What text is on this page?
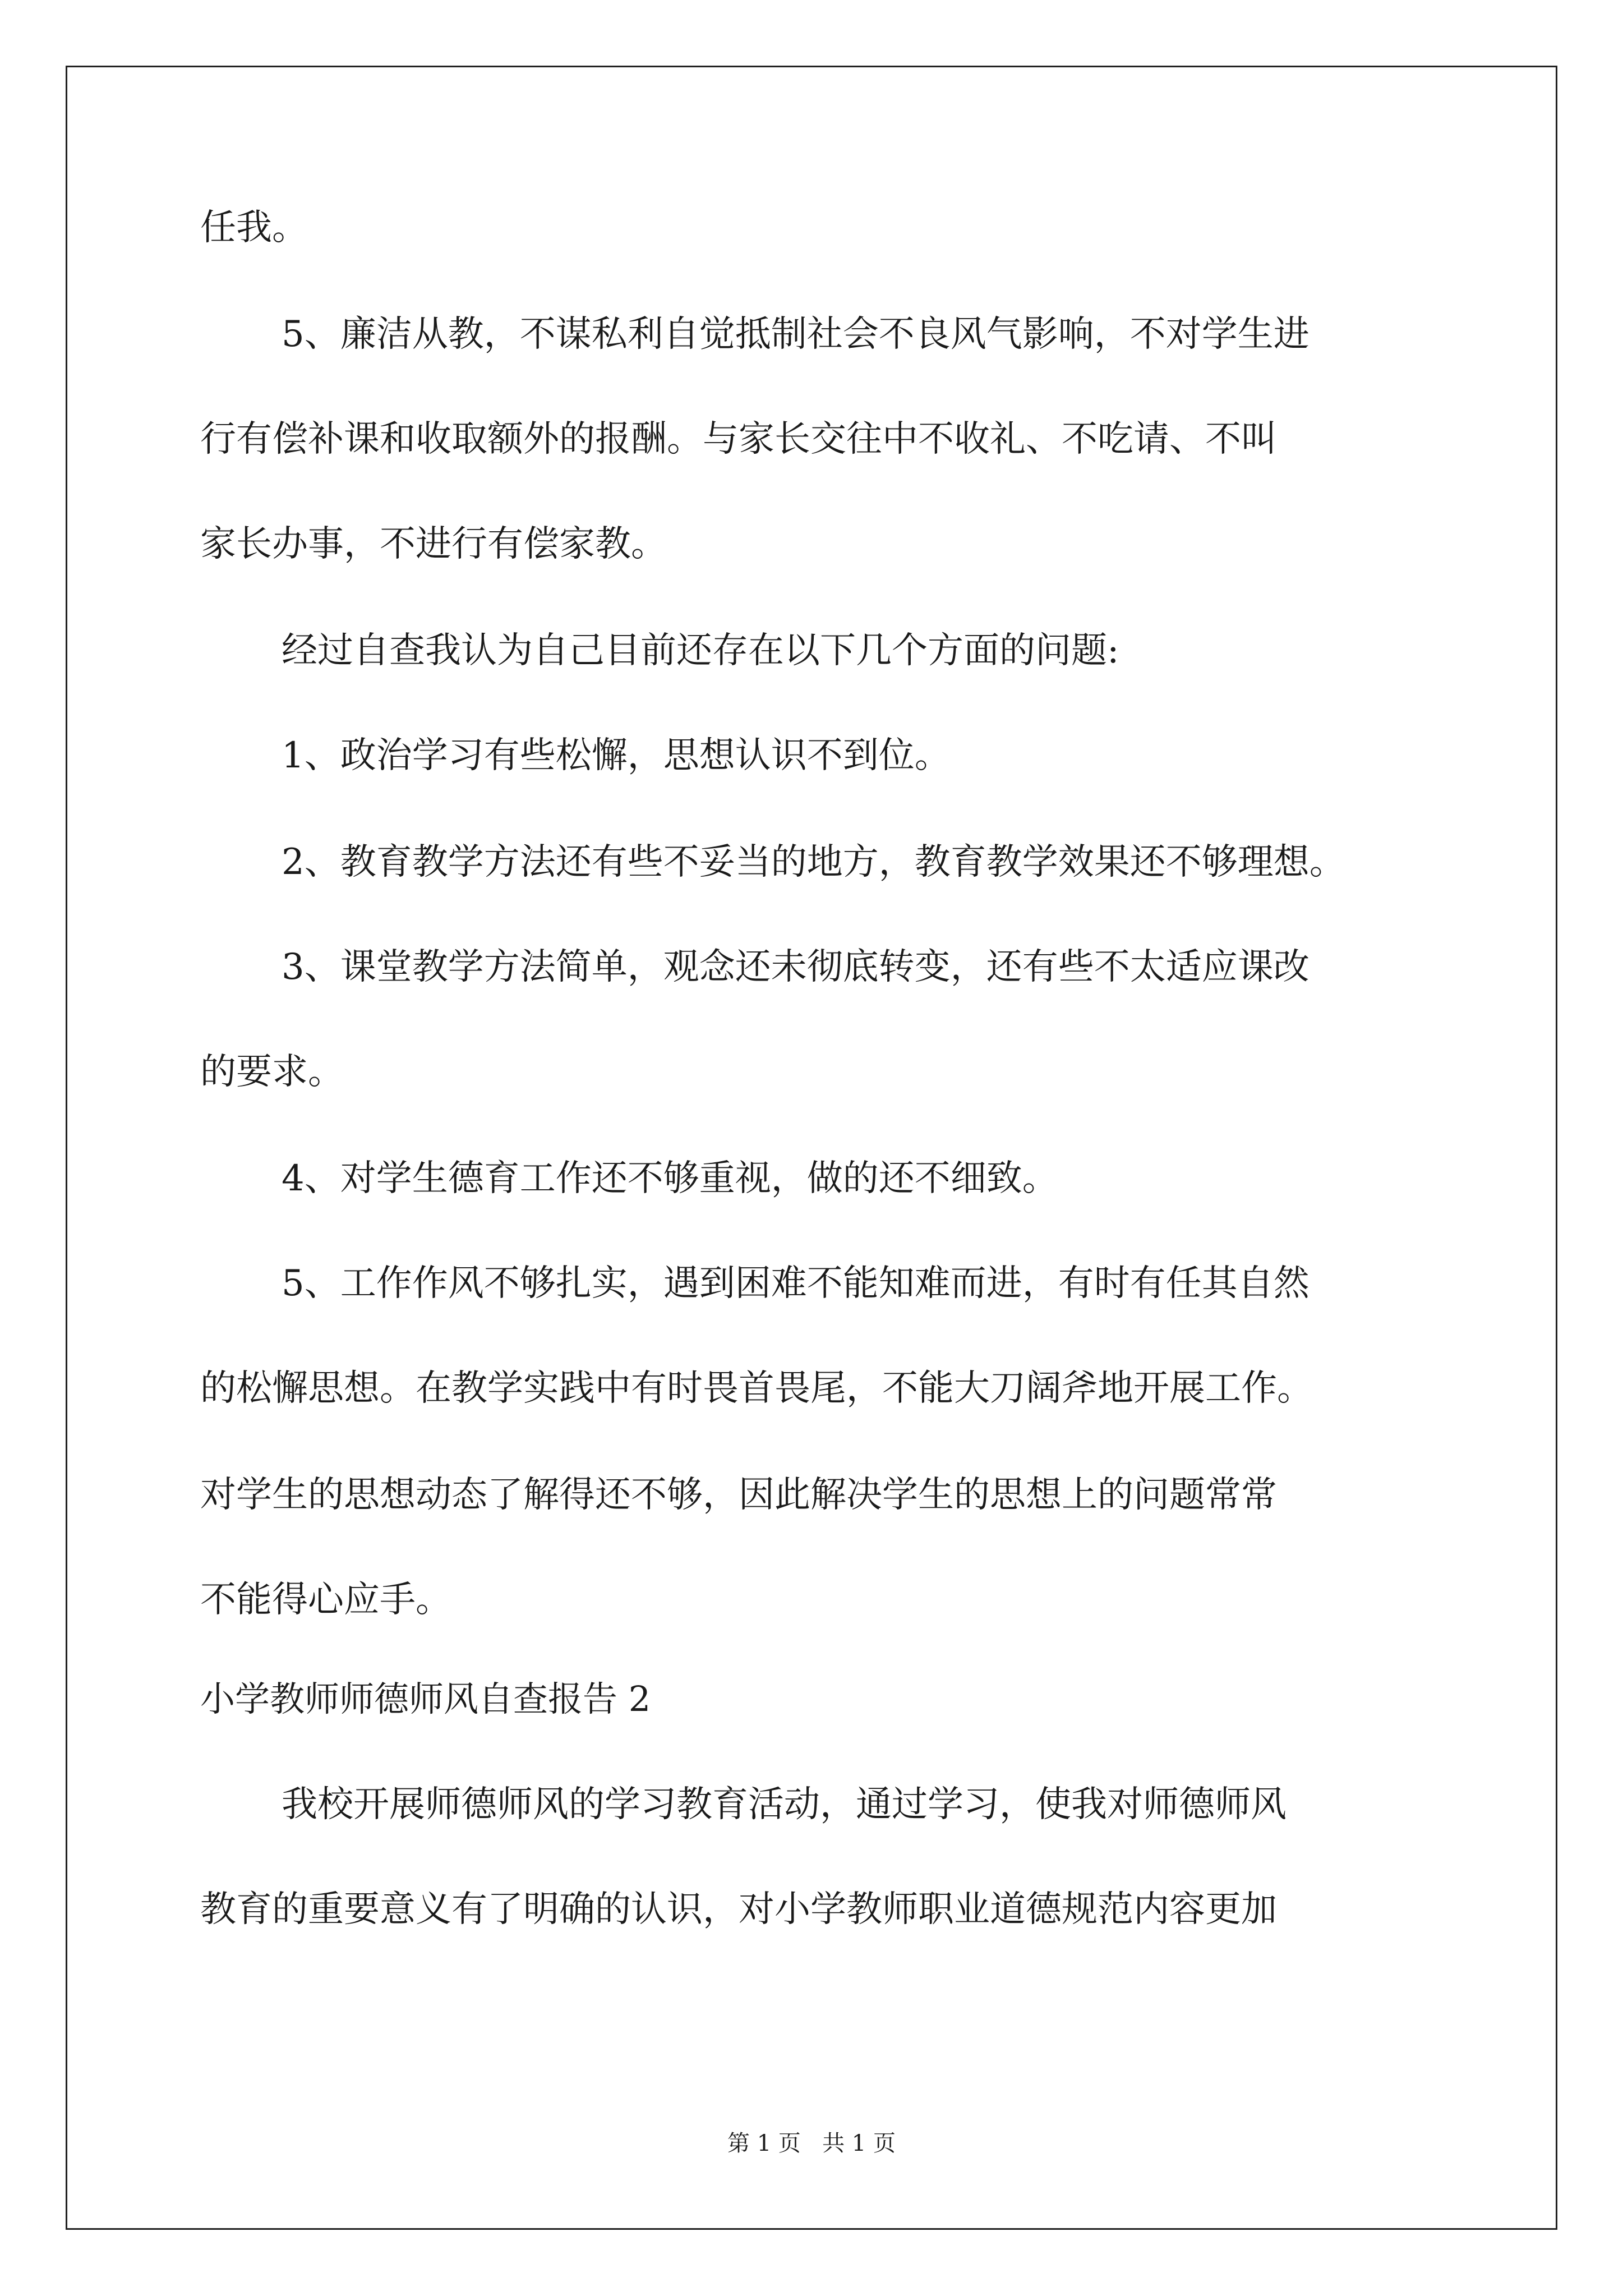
任我。
5、廉洁从教，不谋私利自觉抵制社会不良风气影响，不对学生进
行有偿补课和收取额外的报酬。与家长交往中不收礼、不吃请、不叫
家长办事，不进行有偿家教。
经过自查我认为自己目前还存在以下几个方面的问题:
1、政治学习有些松懈，思想认识不到位。
2、教育教学方法还有些不妥当的地方，教育教学效果还不够理想。
3、课堂教学方法简单，观念还未彻底转变，还有些不太适应课改
的要求。
4、对学生德育工作还不够重视，做的还不细致。
5、工作作风不够扎实，遇到困难不能知难而进，有时有任其自然
的松懈思想。在教学实践中有时畏首畏尾，不能大刀阔斧地开展工作。
对学生的思想动态了解得还不够，因此解决学生的思想上的问题常常
不能得心应手。
小学教师师德师风自查报告 2
我校开展师德师风的学习教育活动，通过学习，使我对师德师风
教育的重要意义有了明确的认识，对小学教师职业道德规范内容更加
第 1 页   共 1 页
